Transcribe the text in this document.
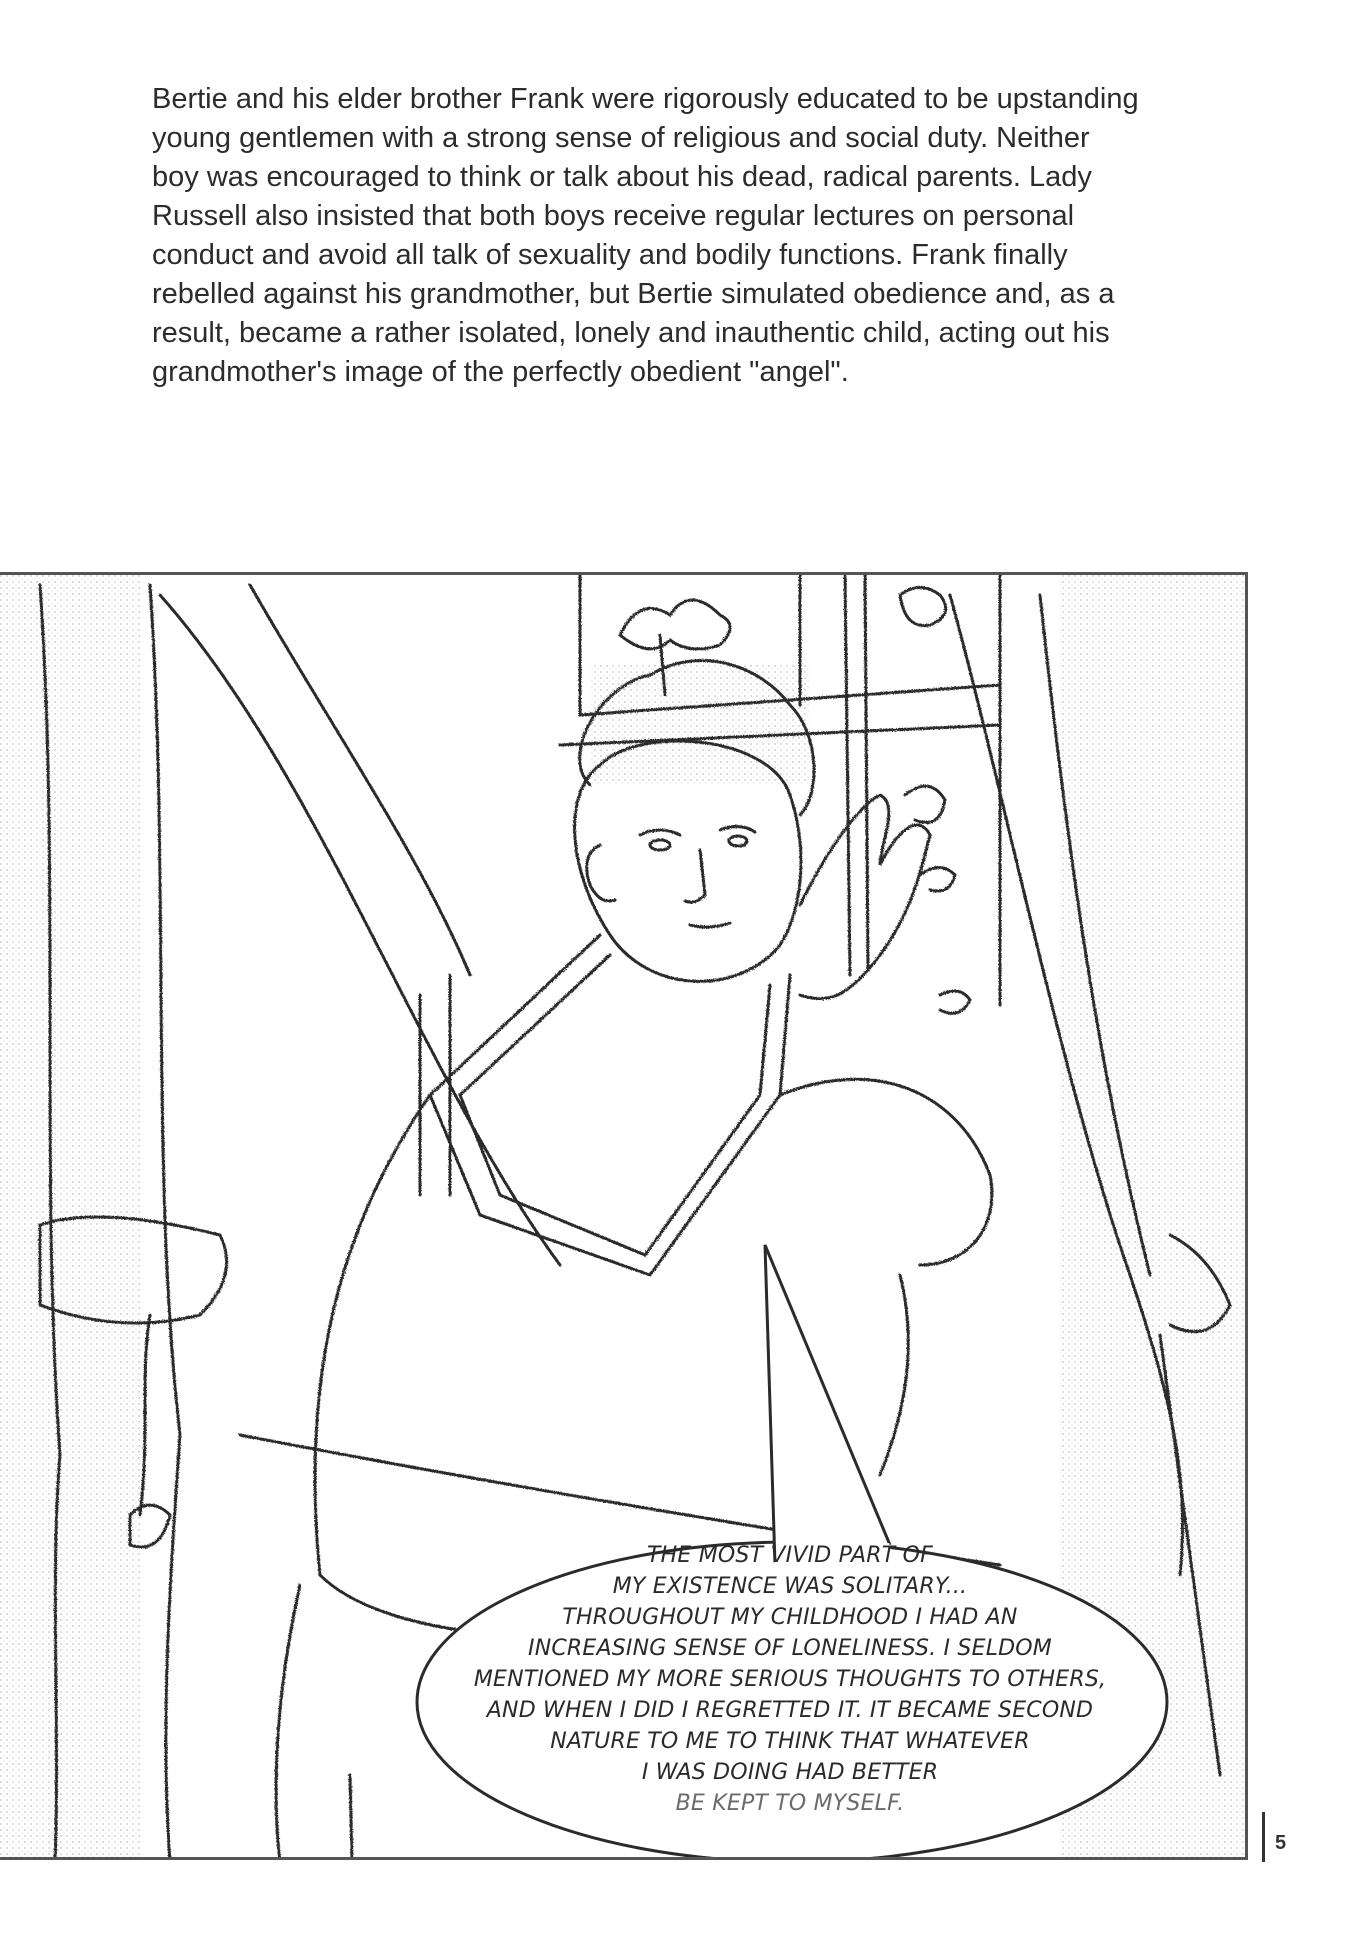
Bertie and his elder brother Frank were rigorously educated to be upstanding
young gentlemen with a strong sense of religious and social duty. Neither
boy was encouraged to think or talk about his dead, radical parents. Lady
Russell also insisted that both boys receive regular lectures on personal
conduct and avoid all talk of sexuality and bodily functions. Frank finally
rebelled against his grandmother, but Bertie simulated obedience and, as a
result, became a rather isolated, lonely and inauthentic child, acting out his
grandmother's image of the perfectly obedient "angel".

THE MOST VIVID PART OF
MY EXISTENCE WAS SOLITARY...
THROUGHOUT MY CHILDHOOD I HAD AN
INCREASING SENSE OF LONELINESS. I SELDOM
MENTIONED MY MORE SERIOUS THOUGHTS TO OTHERS,
AND WHEN I DID I REGRETTED IT. IT BECAME SECOND
NATURE TO ME TO THINK THAT WHATEVER
I WAS DOING HAD BETTER
BE KEPT TO MYSELF.
5
